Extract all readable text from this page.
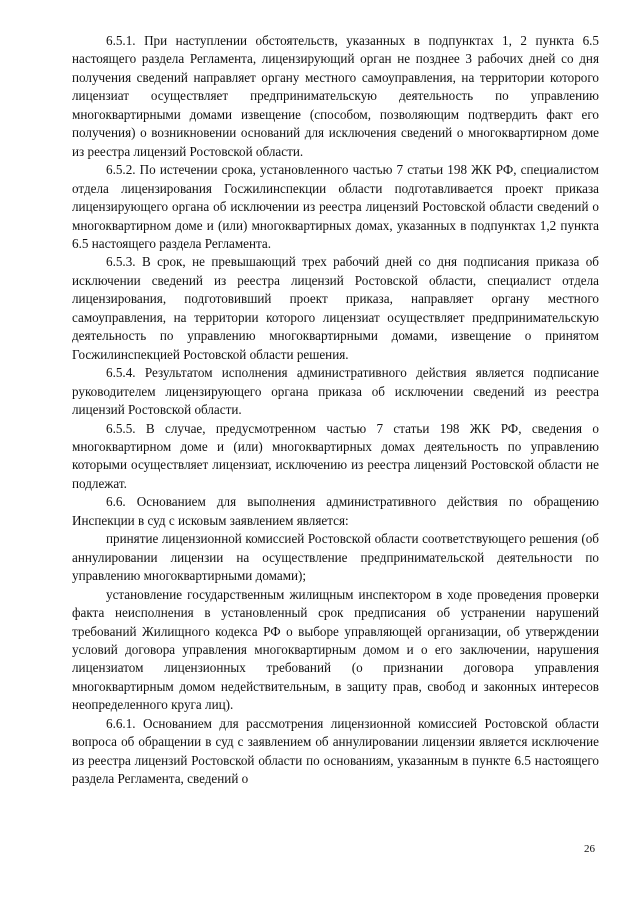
6.5.1. При наступлении обстоятельств, указанных в подпунктах 1, 2 пункта 6.5 настоящего раздела Регламента, лицензирующий орган не позднее 3 рабочих дней со дня получения сведений направляет органу местного самоуправления, на территории которого лицензиат осуществляет предпринимательскую деятельность по управлению многоквартирными домами извещение (способом, позволяющим подтвердить факт его получения) о возникновении оснований для исключения сведений о многоквартирном доме из реестра лицензий Ростовской области.

6.5.2. По истечении срока, установленного частью 7 статьи 198 ЖК РФ, специалистом отдела лицензирования Госжилинспекции области подготавливается проект приказа лицензирующего органа об исключении из реестра лицензий Ростовской области сведений о многоквартирном доме и (или) многоквартирных домах, указанных в подпунктах 1,2 пункта 6.5 настоящего раздела Регламента.

6.5.3. В срок, не превышающий трех рабочий дней со дня подписания приказа об исключении сведений из реестра лицензий Ростовской области, специалист отдела лицензирования, подготовивший проект приказа, направляет органу местного самоуправления, на территории которого лицензиат осуществляет предпринимательскую деятельность по управлению многоквартирными домами, извещение о принятом Госжилинспекцией Ростовской области решения.

6.5.4. Результатом исполнения административного действия является подписание руководителем лицензирующего органа приказа об исключении сведений из реестра лицензий Ростовской области.

6.5.5. В случае, предусмотренном частью 7 статьи 198 ЖК РФ, сведения о многоквартирном доме и (или) многоквартирных домах деятельность по управлению которыми осуществляет лицензиат, исключению из реестра лицензий Ростовской области не подлежат.

6.6. Основанием для выполнения административного действия по обращению Инспекции в суд с исковым заявлением является:

принятие лицензионной комиссией Ростовской области соответствующего решения (об аннулировании лицензии на осуществление предпринимательской деятельности по управлению многоквартирными домами);

установление государственным жилищным инспектором в ходе проведения проверки факта неисполнения в установленный срок предписания об устранении нарушений требований Жилищного кодекса РФ о выборе управляющей организации, об утверждении условий договора управления многоквартирным домом и о его заключении, нарушения лицензиатом лицензионных требований (о признании договора управления многоквартирным домом недействительным, в защиту прав, свобод и законных интересов неопределенного круга лиц).

6.6.1. Основанием для рассмотрения лицензионной комиссией Ростовской области вопроса об обращении в суд с заявлением об аннулировании лицензии является исключение из реестра лицензий Ростовской области по основаниям, указанным в пункте 6.5 настоящего раздела Регламента, сведений о

26
